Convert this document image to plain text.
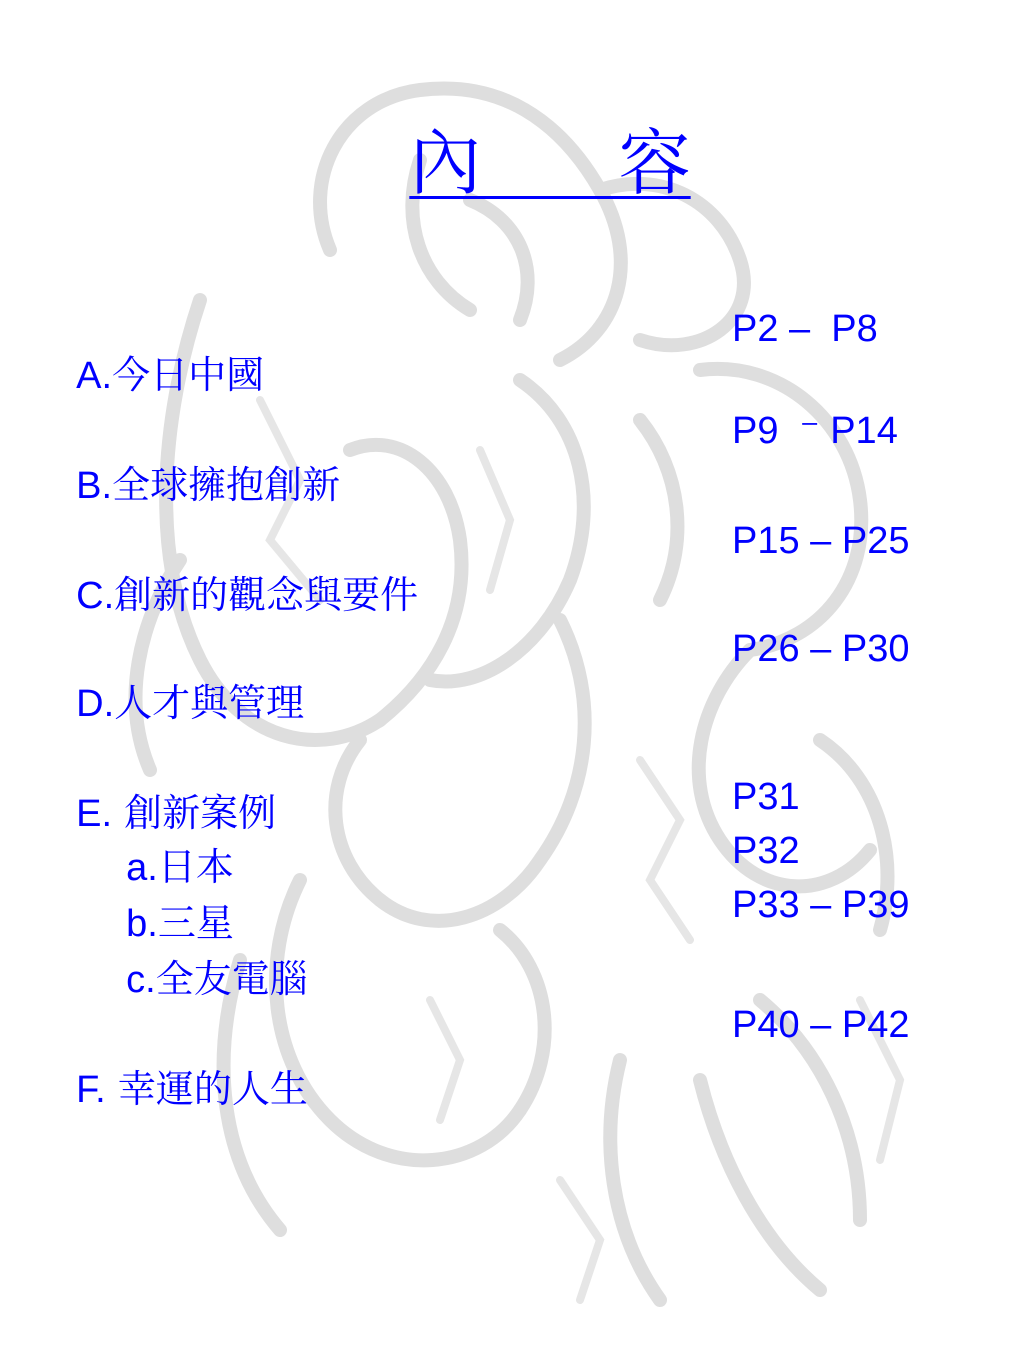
內      容

A.今日中國

B.全球擁抱創新

C.創新的觀念與要件

D.人才與管理

E. 創新案例

a.日本

b.三星

c.全友電腦

F. 幸運的人生

P2 –  P8
P9  ⁻ P14
P15 – P25
P26 – P30
P31
P32
P33 – P39
P40 – P42
